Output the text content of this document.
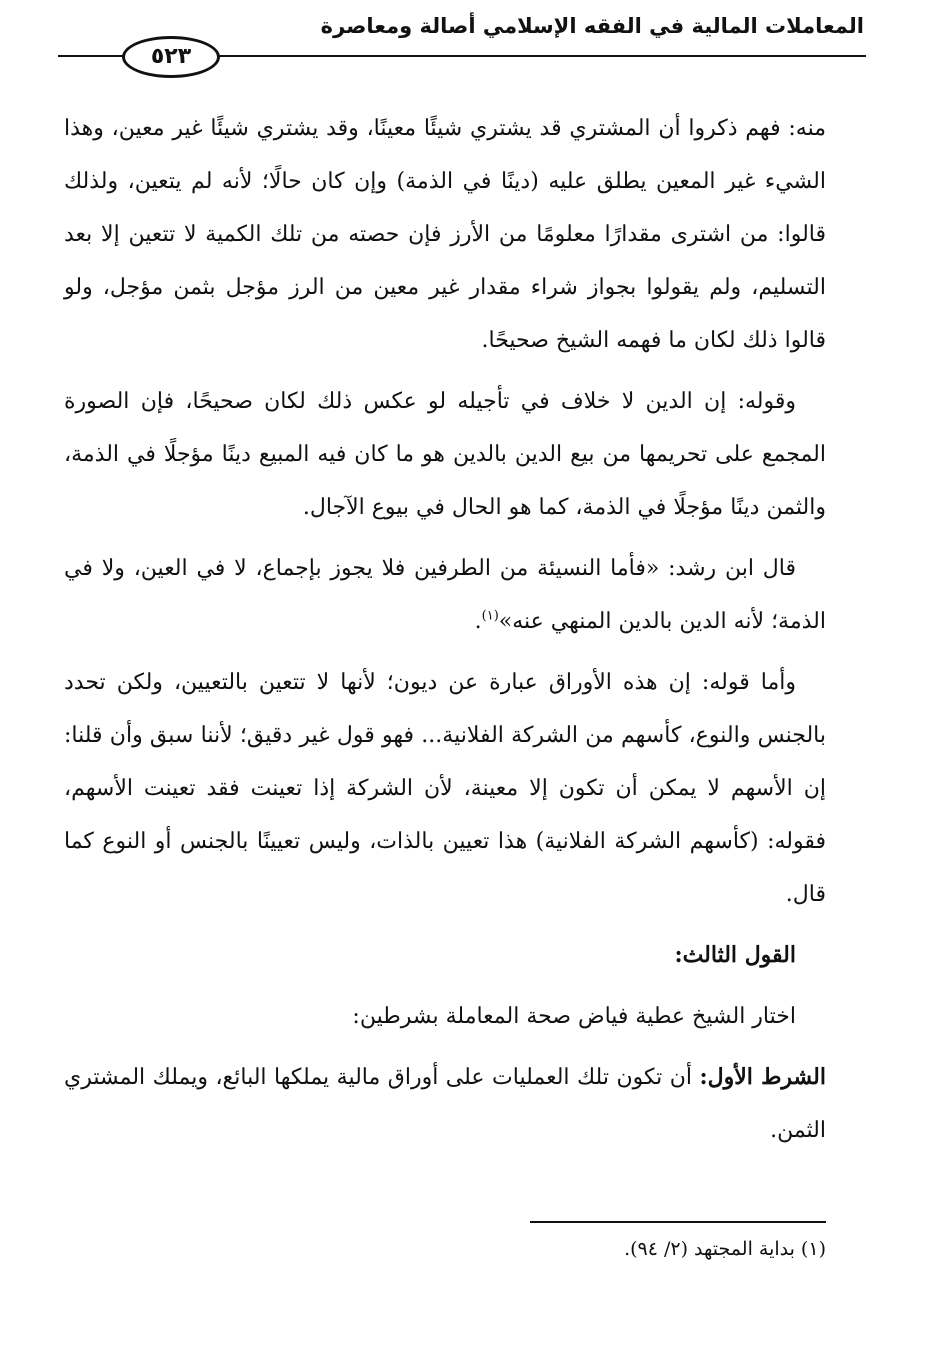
المعاملات المالية في الفقه الإسلامي أصالة ومعاصرة
٥٢٣

منه: فهم ذكروا أن المشتري قد يشتري شيئًا معينًا، وقد يشتري شيئًا غير معين، وهذا الشيء غير المعين يطلق عليه (دينًا في الذمة) وإن كان حالًا؛ لأنه لم يتعين، ولذلك قالوا: من اشترى مقدارًا معلومًا من الأرز فإن حصته من تلك الكمية لا تتعين إلا بعد التسليم، ولم يقولوا بجواز شراء مقدار غير معين من الرز مؤجل بثمن مؤجل، ولو قالوا ذلك لكان ما فهمه الشيخ صحيحًا.

وقوله: إن الدين لا خلاف في تأجيله لو عكس ذلك لكان صحيحًا، فإن الصورة المجمع على تحريمها من بيع الدين بالدين هو ما كان فيه المبيع دينًا مؤجلًا في الذمة، والثمن دينًا مؤجلًا في الذمة، كما هو الحال في بيوع الآجال.

قال ابن رشد: «فأما النسيئة من الطرفين فلا يجوز بإجماع، لا في العين، ولا في الذمة؛ لأنه الدين بالدين المنهي عنه»$^{(١)}$.

وأما قوله: إن هذه الأوراق عبارة عن ديون؛ لأنها لا تتعين بالتعيين، ولكن تحدد بالجنس والنوع، كأسهم من الشركة الفلانية... فهو قول غير دقيق؛ لأننا سبق وأن قلنا: إن الأسهم لا يمكن أن تكون إلا معينة، لأن الشركة إذا تعينت فقد تعينت الأسهم، فقوله: (كأسهم الشركة الفلانية) هذا تعيين بالذات، وليس تعيينًا بالجنس أو النوع كما قال.

القول الثالث:

اختار الشيخ عطية فياض صحة المعاملة بشرطين:

الشرط الأول: أن تكون تلك العمليات على أوراق مالية يملكها البائع، ويملك المشتري الثمن.

(١) بداية المجتهد (٢/ ٩٤).
